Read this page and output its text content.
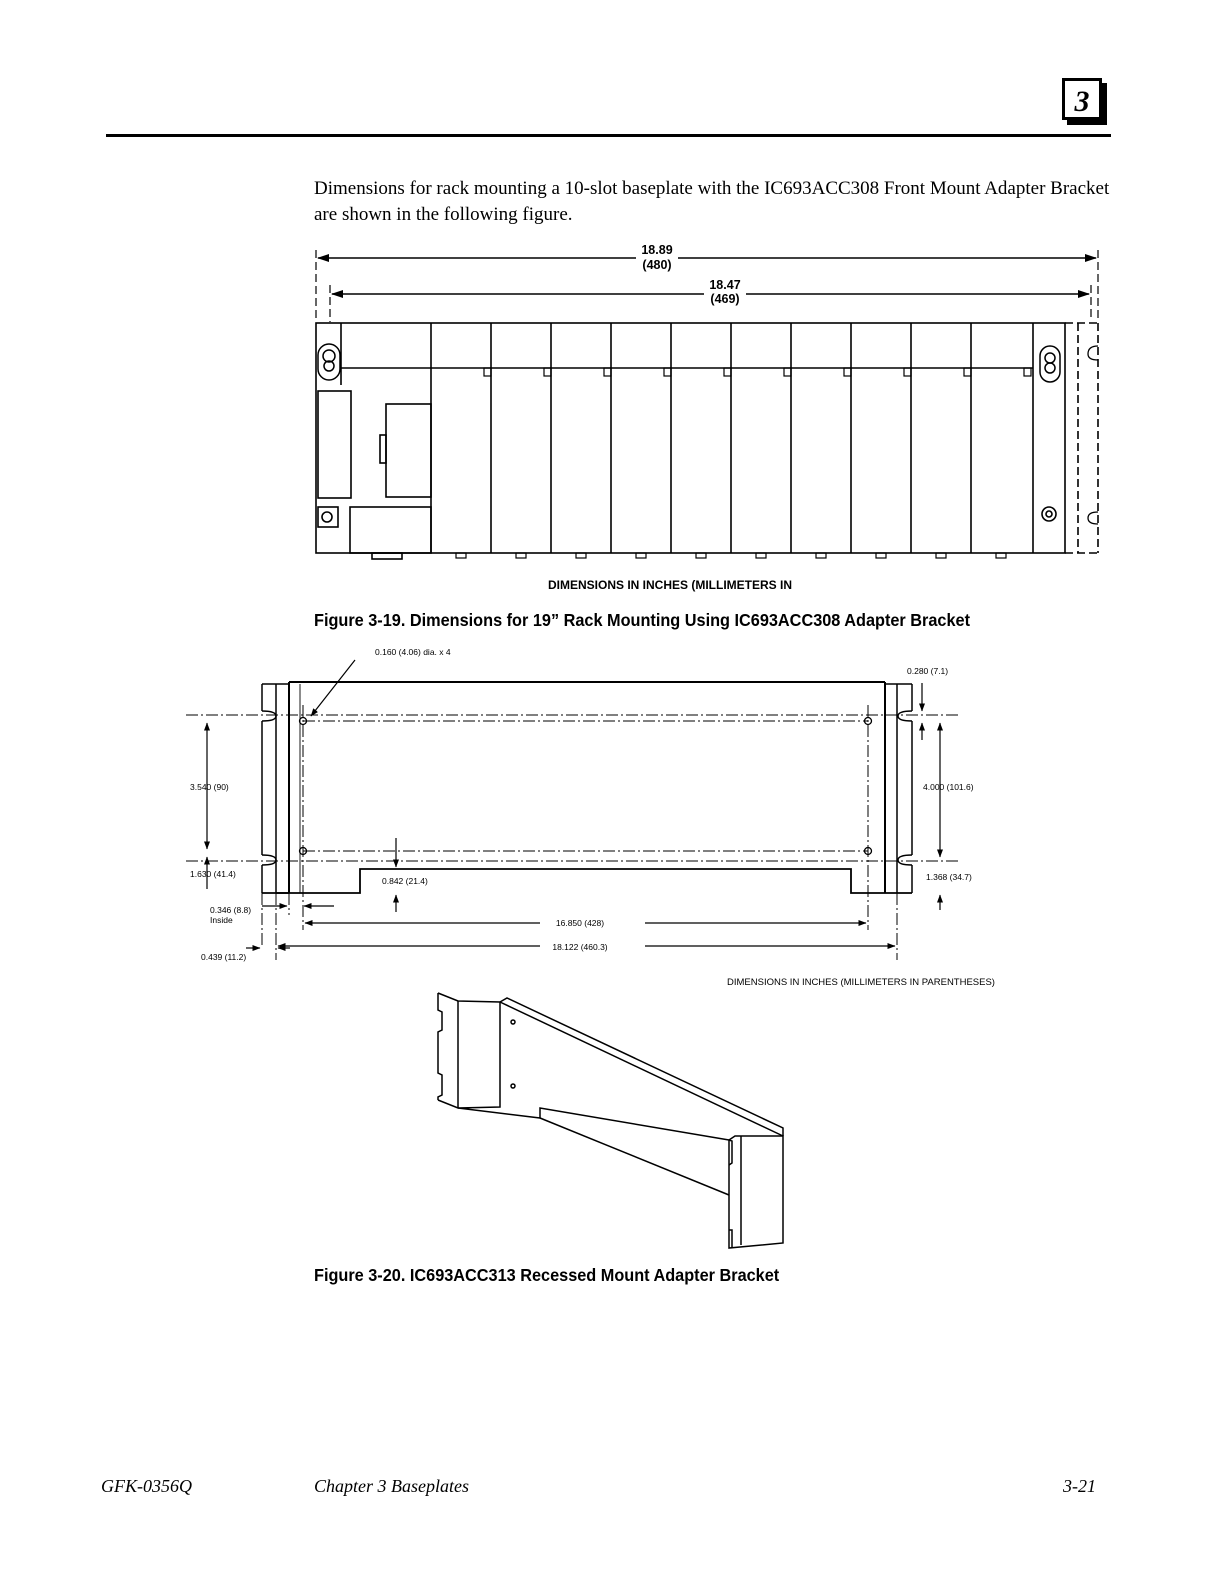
3
Dimensions for rack mounting a 10-slot baseplate with the IC693ACC308 Front Mount Adapter Bracket are shown in the following figure.
18.89
(480)
18.47
(469)
DIMENSIONS IN INCHES (MILLIMETERS IN
0.160 (4.06) dia. x 4
0.280 (7.1)
3.540 (90)	4.000 (101.6)
1.630 (41.4)
0.842 (21.4)	1.368 (34.7)
0.346 (8.8)
Inside	16.850 (428)
18.122 (460.3)
0.439 (11.2)
DIMENSIONS IN INCHES (MILLIMETERS IN PARENTHESES)
Figure 3-19. Dimensions for 19” Rack Mounting Using IC693ACC308 Adapter Bracket
Figure 3-20. IC693ACC313 Recessed Mount Adapter Bracket
GFK-0356Q	Chapter 3 Baseplates	3-21
